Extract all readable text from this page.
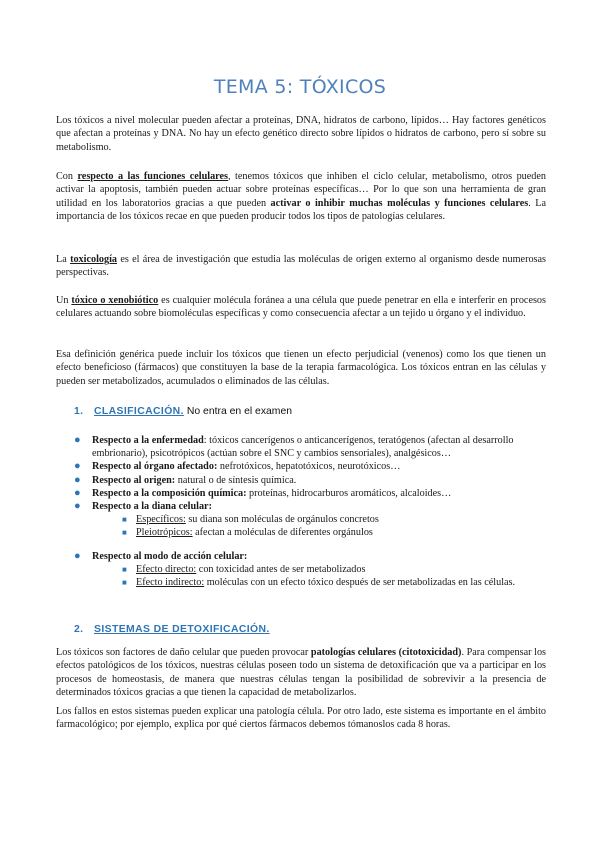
TEMA 5: TÓXICOS

Los tóxicos a nivel molecular pueden afectar a proteínas, DNA, hidratos de carbono, lípidos… Hay factores genéticos que afectan a proteínas y DNA. No hay un efecto genético directo sobre lípidos o hidratos de carbono, pero sí sobre su metabolismo.

Con respecto a las funciones celulares, tenemos tóxicos que inhiben el ciclo celular, metabolismo, otros pueden activar la apoptosis, también pueden actuar sobre proteínas específicas… Por lo que son una herramienta de gran utilidad en los laboratorios gracias a que pueden activar o inhibir muchas moléculas y funciones celulares. La importancia de los tóxicos recae en que pueden producir todos los tipos de patologías celulares.

La toxicología es el área de investigación que estudia las moléculas de origen externo al organismo desde numerosas perspectivas.

Un tóxico o xenobiótico es cualquier molécula foránea a una célula que puede penetrar en ella e interferir en procesos celulares actuando sobre biomoléculas específicas y como consecuencia afectar a un tejido u órgano y el individuo.

Esa definición genérica puede incluir los tóxicos que tienen un efecto perjudicial (venenos) como los que tienen un efecto beneficioso (fármacos) que constituyen la base de la terapia farmacológica. Los tóxicos entran en las células y pueden ser metabolizados, acumulados o eliminados de las células.

1. CLASIFICACIÓN. No entra en el examen
● Respecto a la enfermedad: tóxicos cancerígenos o anticancerígenos, teratógenos (afectan al desarrollo embrionario), psicotrópicos (actúan sobre el SNC y cambios sensoriales), analgésicos…
● Respecto al órgano afectado: nefrotóxicos, hepatotóxicos, neurotóxicos…
● Respecto al origen: natural o de síntesis química.
● Respecto a la composición química: proteínas, hidrocarburos aromáticos, alcaloides…
● Respecto a la diana celular:
■ Específicos: su diana son moléculas de orgánulos concretos
■ Pleiotrópicos: afectan a moléculas de diferentes orgánulos
● Respecto al modo de acción celular:
■ Efecto directo: con toxicidad antes de ser metabolizados
■ Efecto indirecto: moléculas con un efecto tóxico después de ser metabolizadas en las células.
2. SISTEMAS DE DETOXIFICACIÓN.

Los tóxicos son factores de daño celular que pueden provocar patologías celulares (citotoxicidad). Para compensar los efectos patológicos de los tóxicos, nuestras células poseen todo un sistema de detoxificación que va a participar en los procesos de homeostasis, de manera que nuestras células tengan la posibilidad de sobrevivir a la presencia de determinados tóxicos gracias a que tienen la capacidad de metabolizarlos.

Los fallos en estos sistemas pueden explicar una patología célula. Por otro lado, este sistema es importante en el ámbito farmacológico; por ejemplo, explica por qué ciertos fármacos debemos tómanoslos cada 8 horas.
